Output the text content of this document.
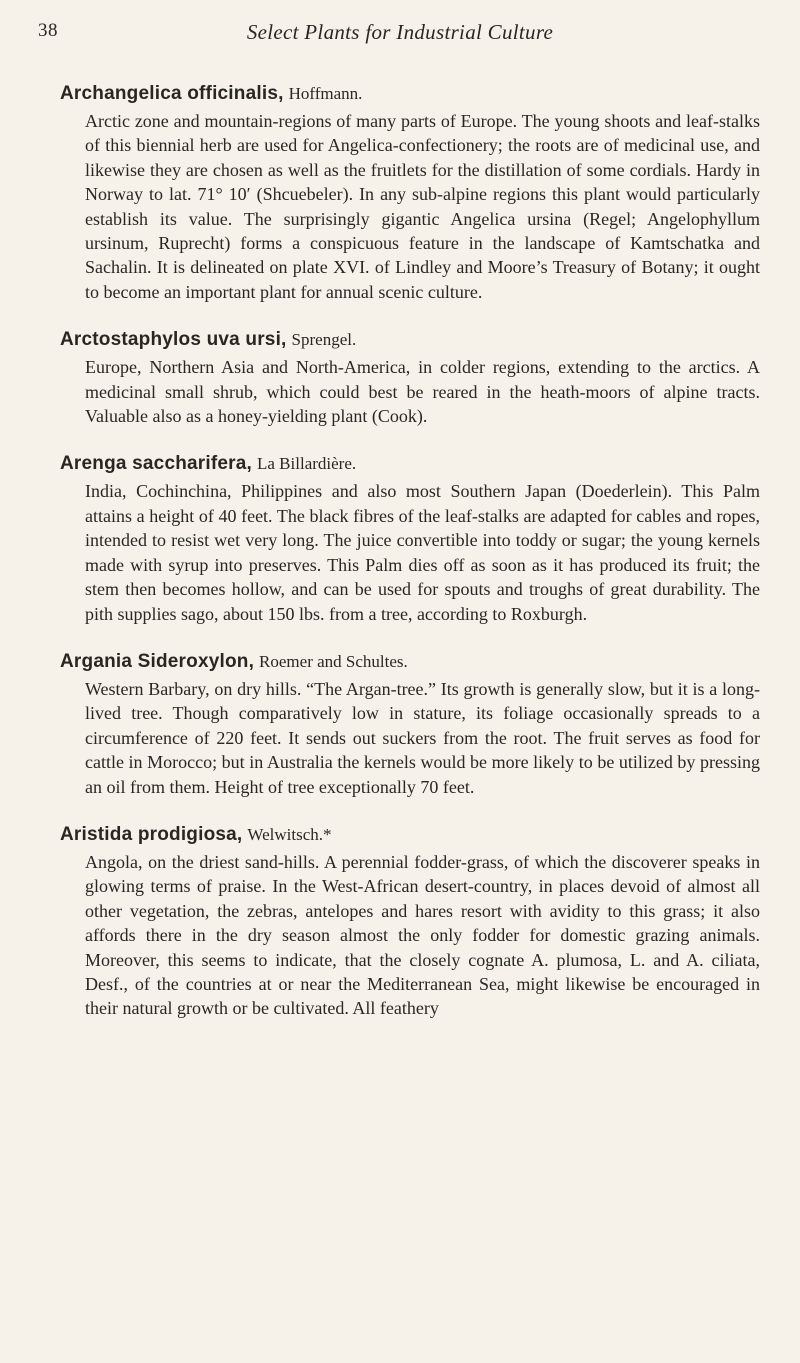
38	Select Plants for Industrial Culture
Archangelica officinalis, Hoffmann.

Arctic zone and mountain-regions of many parts of Europe. The young shoots and leaf-stalks of this biennial herb are used for Angelica-confectionery; the roots are of medicinal use, and likewise they are chosen as well as the fruitlets for the distillation of some cordials. Hardy in Norway to lat. 71° 10′ (Shcuebeler). In any sub-alpine regions this plant would particularly establish its value. The surprisingly gigantic Angelica ursina (Regel; Angelophyllum ursinum, Ruprecht) forms a conspicuous feature in the landscape of Kamtschatka and Sachalin. It is delineated on plate XVI. of Lindley and Moore’s Treasury of Botany; it ought to become an important plant for annual scenic culture.

Arctostaphylos uva ursi, Sprengel.

Europe, Northern Asia and North-America, in colder regions, extending to the arctics. A medicinal small shrub, which could best be reared in the heath-moors of alpine tracts. Valuable also as a honey-yielding plant (Cook).

Arenga saccharifera, La Billardière.

India, Cochinchina, Philippines and also most Southern Japan (Doederlein). This Palm attains a height of 40 feet. The black fibres of the leaf-stalks are adapted for cables and ropes, intended to resist wet very long. The juice convertible into toddy or sugar; the young kernels made with syrup into preserves. This Palm dies off as soon as it has produced its fruit; the stem then becomes hollow, and can be used for spouts and troughs of great durability. The pith supplies sago, about 150 lbs. from a tree, according to Roxburgh.

Argania Sideroxylon, Roemer and Schultes.

Western Barbary, on dry hills. “The Argan-tree.” Its growth is generally slow, but it is a long-lived tree. Though comparatively low in stature, its foliage occasionally spreads to a circumference of 220 feet. It sends out suckers from the root. The fruit serves as food for cattle in Morocco; but in Australia the kernels would be more likely to be utilized by pressing an oil from them. Height of tree exceptionally 70 feet.

Aristida prodigiosa, Welwitsch.*

Angola, on the driest sand-hills. A perennial fodder-grass, of which the discoverer speaks in glowing terms of praise. In the West-African desert-country, in places devoid of almost all other vegetation, the zebras, antelopes and hares resort with avidity to this grass; it also affords there in the dry season almost the only fodder for domestic grazing animals. Moreover, this seems to indicate, that the closely cognate A. plumosa, L. and A. ciliata, Desf., of the countries at or near the Mediterranean Sea, might likewise be encouraged in their natural growth or be cultivated. All feathery
